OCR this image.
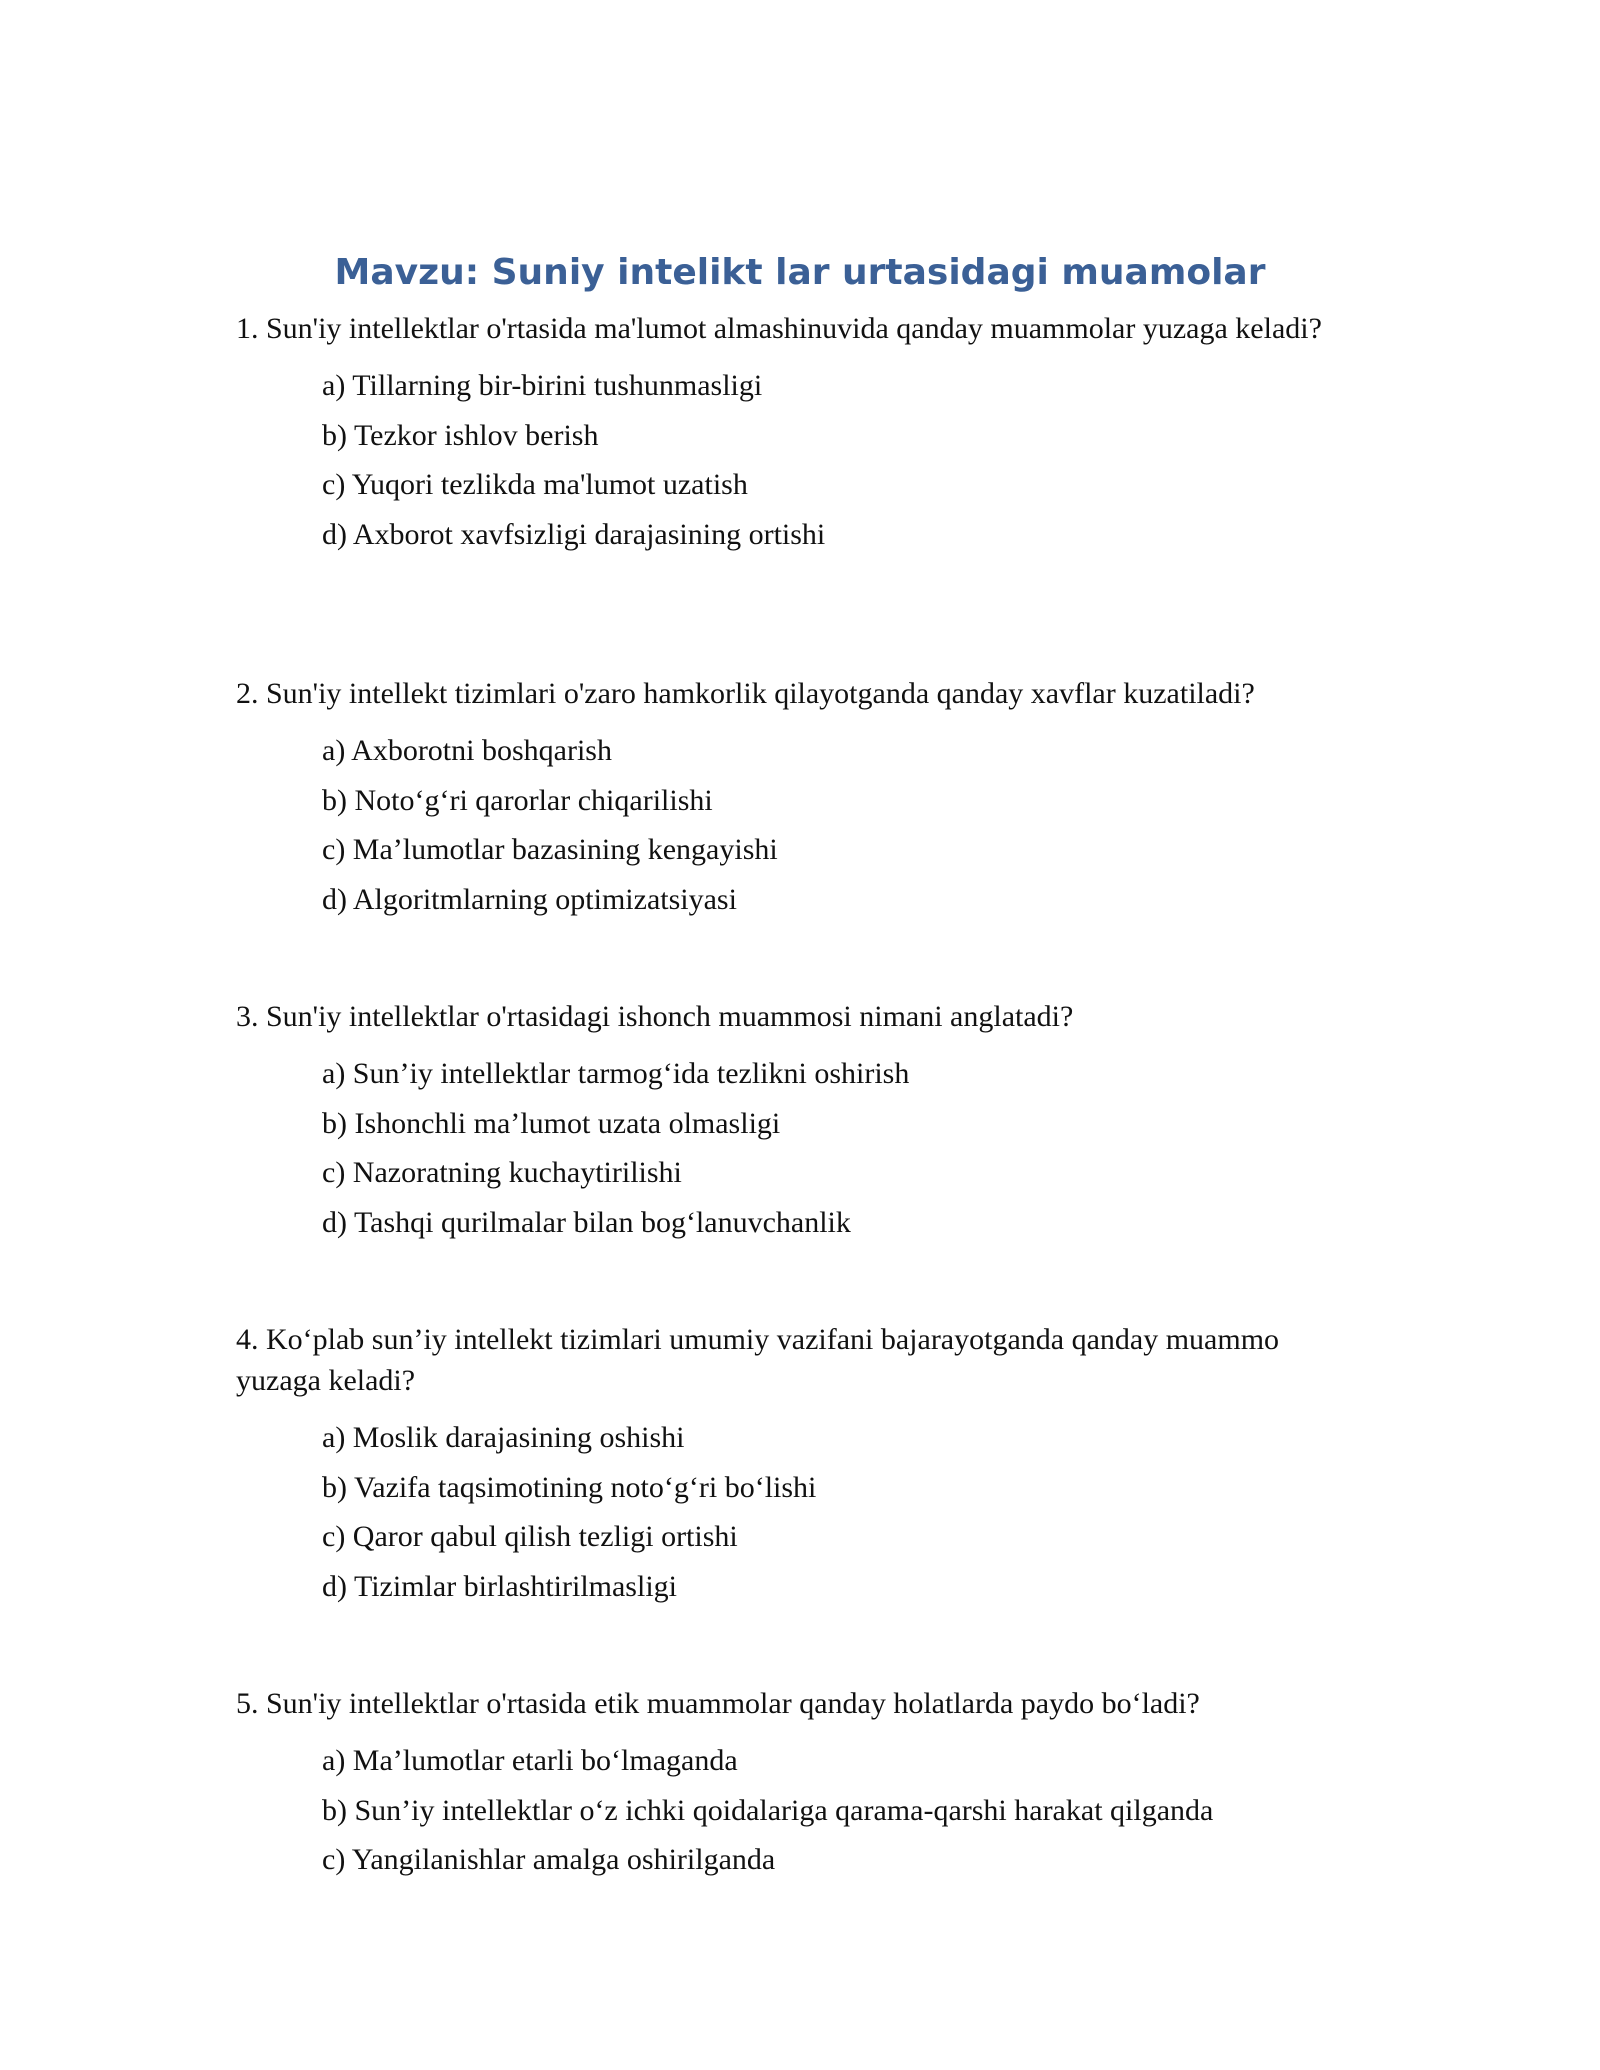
Mavzu: Suniy intelikt lar urtasidagi muamolar

1. Sun'iy intellektlar o'rtasida ma'lumot almashinuvida qanday muammolar yuzaga keladi?

a) Tillarning bir-birini tushunmasligi
b) Tezkor ishlov berish
c) Yuqori tezlikda ma'lumot uzatish
d) Axborot xavfsizligi darajasining ortishi

2. Sun'iy intellekt tizimlari o'zaro hamkorlik qilayotganda qanday xavflar kuzatiladi?

a) Axborotni boshqarish
b) Noto‘g‘ri qarorlar chiqarilishi
c) Ma’lumotlar bazasining kengayishi
d) Algoritmlarning optimizatsiyasi

3. Sun'iy intellektlar o'rtasidagi ishonch muammosi nimani anglatadi?

a) Sun’iy intellektlar tarmog‘ida tezlikni oshirish
b) Ishonchli ma’lumot uzata olmasligi
c) Nazoratning kuchaytirilishi
d) Tashqi qurilmalar bilan bog‘lanuvchanlik

4. Ko‘plab sun’iy intellekt tizimlari umumiy vazifani bajarayotganda qanday muammo yuzaga keladi?

a) Moslik darajasining oshishi
b) Vazifa taqsimotining noto‘g‘ri bo‘lishi
c) Qaror qabul qilish tezligi ortishi
d) Tizimlar birlashtirilmasligi

5. Sun'iy intellektlar o'rtasida etik muammolar qanday holatlarda paydo bo‘ladi?

a) Ma’lumotlar etarli bo‘lmaganda
b) Sun’iy intellektlar o‘z ichki qoidalariga qarama-qarshi harakat qilganda
c) Yangilanishlar amalga oshirilganda
